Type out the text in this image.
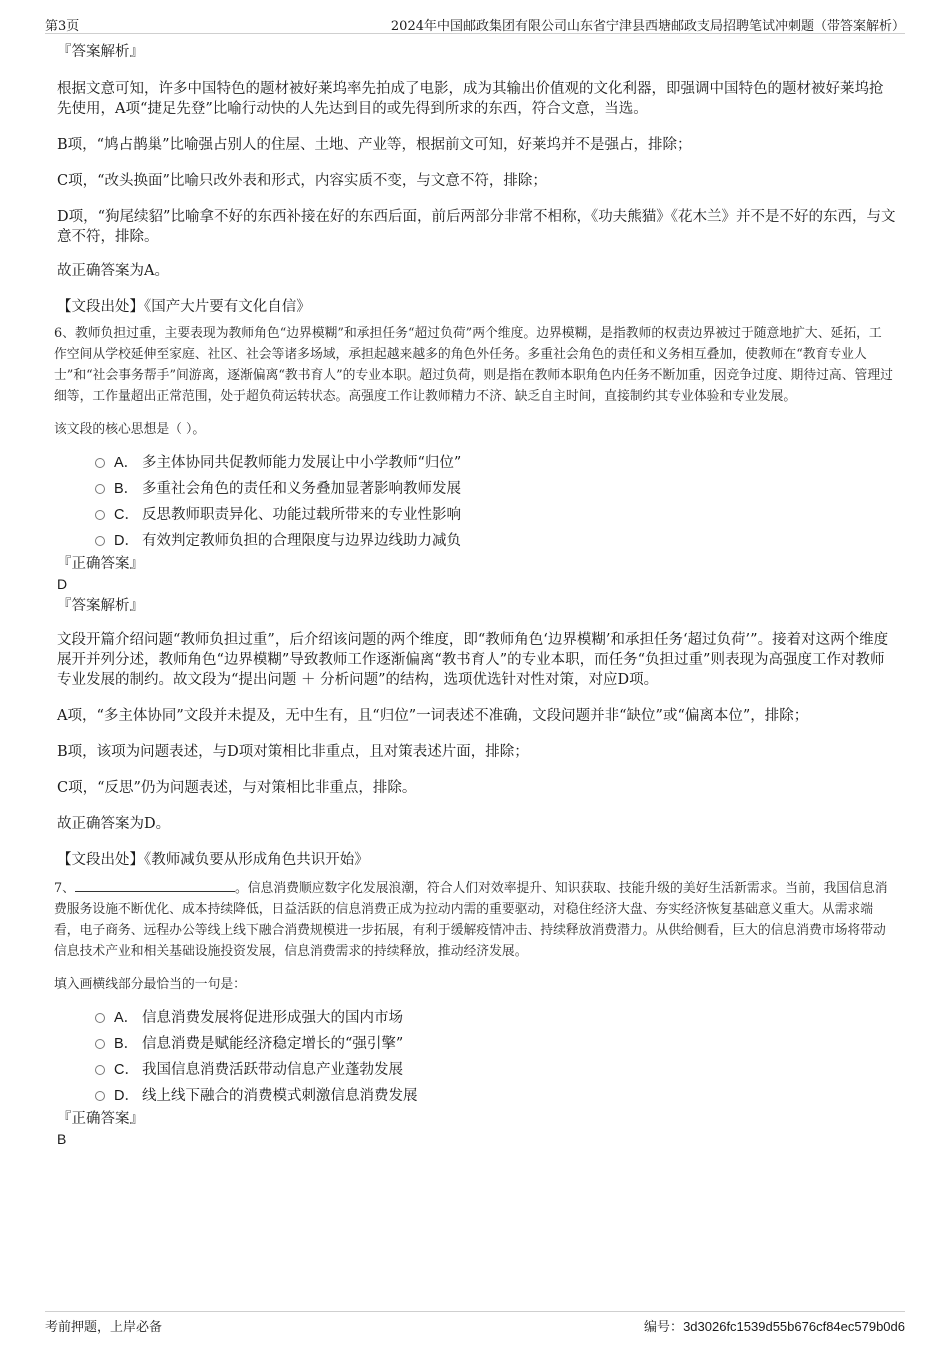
第3页	2024年中国邮政集团有限公司山东省宁津县西塘邮政支局招聘笔试冲刺题（带答案解析）
『答案解析』
根据文意可知，许多中国特色的题材被好莱坞率先拍成了电影，成为其输出价值观的文化利器，即强调中国特色的题材被好莱坞抢先使用，A项“捷足先登”比喻行动快的人先达到目的或先得到所求的东西，符合文意，当选。
B项，“鸠占鹊巢”比喻强占别人的住屋、土地、产业等，根据前文可知，好莱坞并不是强占，排除；
C项，“改头换面”比喻只改外表和形式，内容实质不变，与文意不符，排除；
D项，“狗尾续貂”比喻拿不好的东西补接在好的东西后面，前后两部分非常不相称，《功夫熊猫》《花木兰》并不是不好的东西，与文意不符，排除。
故正确答案为A。
【文段出处】《国产大片要有文化自信》
6、教师负担过重，主要表现为教师角色“边界模糊”和承担任务“超过负荷”两个维度。边界模糊，是指教师的权责边界被过于随意地扩大、延拓，工作空间从学校延伸至家庭、社区、社会等诸多场域，承担起越来越多的角色外任务。多重社会角色的责任和义务相互叠加，使教师在“教育专业人士”和“社会事务帮手”间游离，逐渐偏离“教书育人”的专业本职。超过负荷，则是指在教师本职角色内任务不断加重，因竞争过度、期待过高、管理过细等，工作量超出正常范围，处于超负荷运转状态。高强度工作让教师精力不济、缺乏自主时间，直接制约其专业体验和专业发展。
该文段的核心思想是（ ）。
A． 多主体协同共促教师能力发展让中小学教师“归位”
B． 多重社会角色的责任和义务叠加显著影响教师发展
C． 反思教师职责异化、功能过载所带来的专业性影响
D． 有效判定教师负担的合理限度与边界边线助力减负
『正确答案』
D
『答案解析』
文段开篇介绍问题“教师负担过重”，后介绍该问题的两个维度，即“教师角色‘边界模糊’和承担任务‘超过负荷’”。接着对这两个维度展开并列分述，教师角色“边界模糊”导致教师工作逐渐偏离“教书育人”的专业本职，而任务“负担过重”则表现为高强度工作对教师专业发展的制约。故文段为“提出问题 ＋ 分析问题”的结构，选项优选针对性对策，对应D项。
A项，“多主体协同”文段并未提及，无中生有，且“归位”一词表述不准确，文段问题并非“缺位”或“偏离本位”，排除；
B项，该项为问题表述，与D项对策相比非重点，且对策表述片面，排除；
C项，“反思”仍为问题表述，与对策相比非重点，排除。
故正确答案为D。
【文段出处】《教师减负要从形成角色共识开始》
7、	。信息消费顺应数字化发展浪潮，符合人们对效率提升、知识获取、技能升级的美好生活新需求。当前，我国信息消费服务设施不断优化、成本持续降低，日益活跃的信息消费正成为拉动内需的重要驱动，对稳住经济大盘、夯实经济恢复基础意义重大。从需求端看，电子商务、远程办公等线上线下融合消费规模进一步拓展，有利于缓解疫情冲击、持续释放消费潜力。从供给侧看，巨大的信息消费市场将带动信息技术产业和相关基础设施投资发展，信息消费需求的持续释放，推动经济发展。
填入画横线部分最恰当的一句是：
A． 信息消费发展将促进形成强大的国内市场
B． 信息消费是赋能经济稳定增长的“强引擎”
C． 我国信息消费活跃带动信息产业蓬勃发展
D． 线上线下融合的消费模式刺激信息消费发展
『正确答案』
B
考前押题，上岸必备	编号：3d3026fc1539d55b676cf84ec579b0d6
